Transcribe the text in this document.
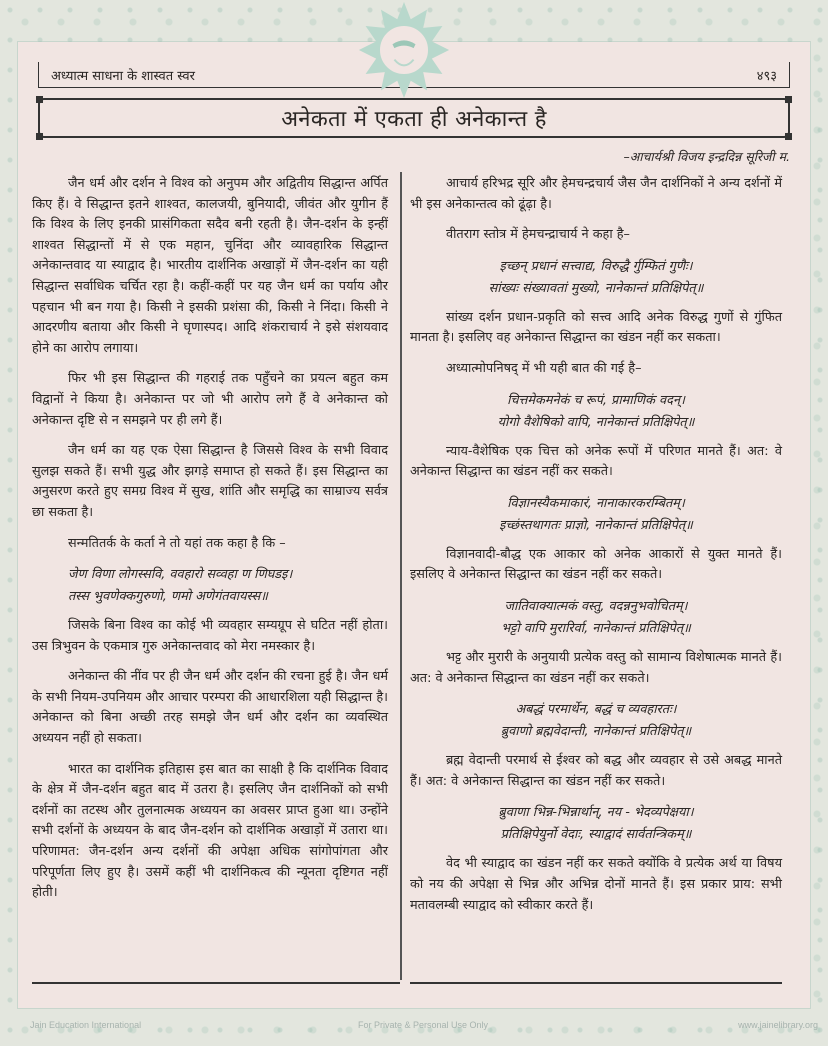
अध्यात्म साधना के शास्वत स्वर	४९३
अनेकता में एकता ही अनेकान्त है
–आचार्यश्री विजय इन्द्रदिन्न सूरिजी म.

जैन धर्म और दर्शन ने विश्व को अनुपम और अद्वितीय सिद्धान्त अर्पित किए हैं। वे सिद्धान्त इतने शाश्वत, कालजयी, बुनियादी, जीवंत और युगीन हैं कि विश्व के लिए इनकी प्रासंगिकता सदैव बनी रहती है। जैन-दर्शन के इन्हीं शाश्वत सिद्धान्तों में से एक महान, चुनिंदा और व्यावहारिक सिद्धान्त अनेकान्तवाद या स्याद्वाद है। भारतीय दार्शनिक अखाड़ों में जैन-दर्शन का यही सिद्धान्त सर्वाधिक चर्चित रहा है। कहीं-कहीं पर यह जैन धर्म का पर्याय और पहचान भी बन गया है। किसी ने इसकी प्रशंसा की, किसी ने निंदा। किसी ने आदरणीय बताया और किसी ने घृणास्पद। आदि शंकराचार्य ने इसे संशयवाद होने का आरोप लगाया।

फिर भी इस सिद्धान्त की गहराई तक पहुँचने का प्रयत्न बहुत कम विद्वानों ने किया है। अनेकान्त पर जो भी आरोप लगे हैं वे अनेकान्त को अनेकान्त दृष्टि से न समझने पर ही लगे हैं।

जैन धर्म का यह एक ऐसा सिद्धान्त है जिससे विश्व के सभी विवाद सुलझ सकते हैं। सभी युद्ध और झगड़े समाप्त हो सकते हैं। इस सिद्धान्त का अनुसरण करते हुए समग्र विश्व में सुख, शांति और समृद्धि का साम्राज्य सर्वत्र छा सकता है।

सन्मतितर्क के कर्ता ने तो यहां तक कहा है कि –

जेण विणा लोगस्सवि, ववहारो सव्वहा ण णिघडइ।
तस्स भुवणेक्कगुरुणो, णमो अणेगंतवायस्स॥

जिसके बिना विश्व का कोई भी व्यवहार सम्यग्रूप से घटित नहीं होता। उस त्रिभुवन के एकमात्र गुरु अनेकान्तवाद को मेरा नमस्कार है।

अनेकान्त की नींव पर ही जैन धर्म और दर्शन की रचना हुई है। जैन धर्म के सभी नियम-उपनियम और आचार परम्परा की आधारशिला यही सिद्धान्त है। अनेकान्त को बिना अच्छी तरह समझे जैन धर्म और दर्शन का व्यवस्थित अध्ययन नहीं हो सकता।

भारत का दार्शनिक इतिहास इस बात का साक्षी है कि दार्शनिक विवाद के क्षेत्र में जैन-दर्शन बहुत बाद में उतरा है। इसलिए जैन दार्शनिकों को सभी दर्शनों का तटस्थ और तुलनात्मक अध्ययन का अवसर प्राप्त हुआ था। उन्होंने सभी दर्शनों के अध्ययन के बाद जैन-दर्शन को दार्शनिक अखाड़ों में उतारा था। परिणामत: जैन-दर्शन अन्य दर्शनों की अपेक्षा अधिक सांगोपांगता और परिपूर्णता लिए हुए है। उसमें कहीं भी दार्शनिकत्व की न्यूनता दृष्टिगत नहीं होती।

आचार्य हरिभद्र सूरि और हेमचन्द्रचार्य जैस जैन दार्शनिकों ने अन्य दर्शनों में भी इस अनेकान्तत्व को ढूंढ़ा है।

वीतराग स्तोत्र में हेमचन्द्राचार्य ने कहा है–

इच्छन् प्रधानं सत्त्वाद्य, विरुद्धै र्गुम्फितं गुणैः।
सांख्यः संख्यावतां मुख्यो, नानेकान्तं प्रतिक्षिपेत्॥

सांख्य दर्शन प्रधान-प्रकृति को सत्त्व आदि अनेक विरुद्ध गुणों से गुंफित मानता है। इसलिए वह अनेकान्त सिद्धान्त का खंडन नहीं कर सकता।

अध्यात्मोपनिषद् में भी यही बात की गई है–

चित्तमेकमनेकं च रूपं, प्रामाणिकं वदन्।
योगो वैशेषिको वापि, नानेकान्तं प्रतिक्षिपेत्॥

न्याय-वैशेषिक एक चित्त को अनेक रूपों में परिणत मानते हैं। अत: वे अनेकान्त सिद्धान्त का खंडन नहीं कर सकते।

विज्ञानस्यैकमाकारं, नानाकारकरम्बितम्।
इच्छंस्तथागतः प्राज्ञो, नानेकान्तं प्रतिक्षिपेत्॥

विज्ञानवादी-बौद्ध एक आकार को अनेक आकारों से युक्त मानते हैं। इसलिए वे अनेकान्त सिद्धान्त का खंडन नहीं कर सकते।

जातिवाक्यात्मकं वस्तु, वदन्ननुभवोचितम्।
भट्टो वापि मुरारिर्वा, नानेकान्तं प्रतिक्षिपेत्॥

भट्ट और मुरारी के अनुयायी प्रत्येक वस्तु को सामान्य विशेषात्मक मानते हैं। अत: वे अनेकान्त सिद्धान्त का खंडन नहीं कर सकते।

अबद्धं परमार्थेन, बद्धं च व्यवहारतः।
ब्रुवाणो ब्रह्मवेदान्ती, नानेकान्तं प्रतिक्षिपेत्॥

ब्रह्म वेदान्ती परमार्थ से ईश्वर को बद्ध और व्यवहार से उसे अबद्ध मानते हैं। अत: वे अनेकान्त सिद्धान्त का खंडन नहीं कर सकते।

ब्रुवाणा भिन्न-भिन्नार्थान्, नय - भेदव्यपेक्षया।
प्रतिक्षिपेयुर्नो वेदाः, स्याद्वादं सार्वतन्त्रिकम्॥

वेद भी स्याद्वाद का खंडन नहीं कर सकते क्योंकि वे प्रत्येक अर्थ या विषय को नय की अपेक्षा से भिन्न और अभिन्न दोनों मानते हैं। इस प्रकार प्राय: सभी मतावलम्बी स्याद्वाद को स्वीकार करते हैं।

Jain Education International	For Private & Personal Use Only	www.jainelibrary.org
